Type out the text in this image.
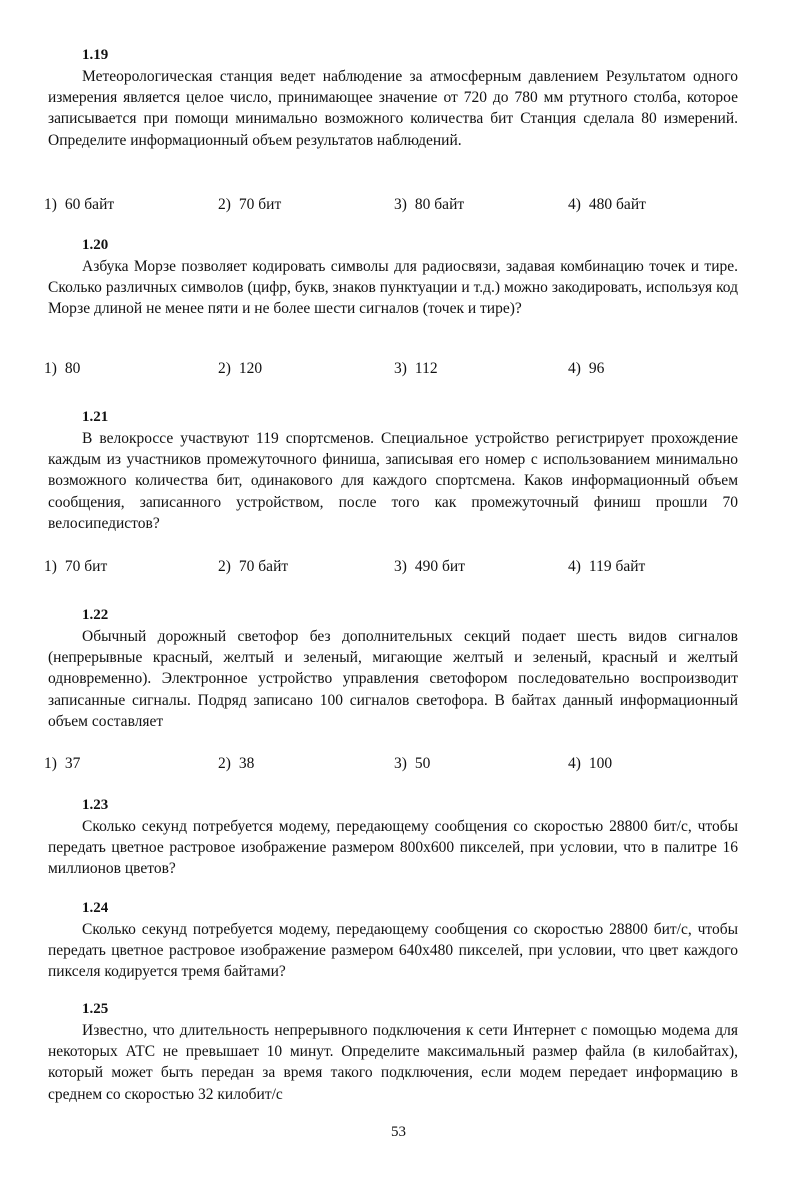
1.19

Метеорологическая станция ведет наблюдение за атмосферным давлением Результатом одного измерения является целое число, принимающее значение от 720 до 780 мм ртутного столба, которое записывается при помощи минимально возможного количества бит Станция сделала 80 измерений. Определите информационный объем результатов наблюдений.

1) 60 байт	2) 70 бит	3) 80 байт	4) 480 байт
1.20

Азбука Морзе позволяет кодировать символы для радиосвязи, задавая комбинацию точек и тире. Сколько различных символов (цифр, букв, знаков пунктуации и т.д.) можно закодировать, используя код Морзе длиной не менее пяти и не более шести сигналов (точек и тире)?

1) 80	2) 120	3) 112	4) 96
1.21

В велокроссе участвуют 119 спортсменов. Специальное устройство регистрирует прохождение каждым из участников промежуточного финиша, записывая его номер с использованием минимально возможного количества бит, одинакового для каждого спортсмена. Каков информационный объем сообщения, записанного устройством, после того как промежуточный финиш прошли 70 велосипедистов?

1) 70 бит	2) 70 байт	3) 490 бит	4) 119 байт
1.22

Обычный дорожный светофор без дополнительных секций подает шесть видов сигналов (непрерывные красный, желтый и зеленый, мигающие желтый и зеленый, красный и желтый одновременно). Электронное устройство управления светофором последовательно воспроизводит записанные сигналы. Подряд записано 100 сигналов светофора. В байтах данный информационный объем составляет

1) 37	2) 38	3) 50	4) 100
1.23

Сколько секунд потребуется модему, передающему сообщения со скоростью 28800 бит/с, чтобы передать цветное растровое изображение размером 800х600 пикселей, при условии, что в палитре 16 миллионов цветов?

1.24

Сколько секунд потребуется модему, передающему сообщения со скоростью 28800 бит/с, чтобы передать цветное растровое изображение размером 640х480 пикселей, при условии, что цвет каждого пикселя кодируется тремя байтами?

1.25

Известно, что длительность непрерывного подключения к сети Интернет с помощью модема для некоторых АТС не превышает 10 минут. Определите максимальный размер файла (в килобайтах), который может быть передан за время такого подключения, если модем передает информацию в среднем со скоростью 32 килобит/с

53
